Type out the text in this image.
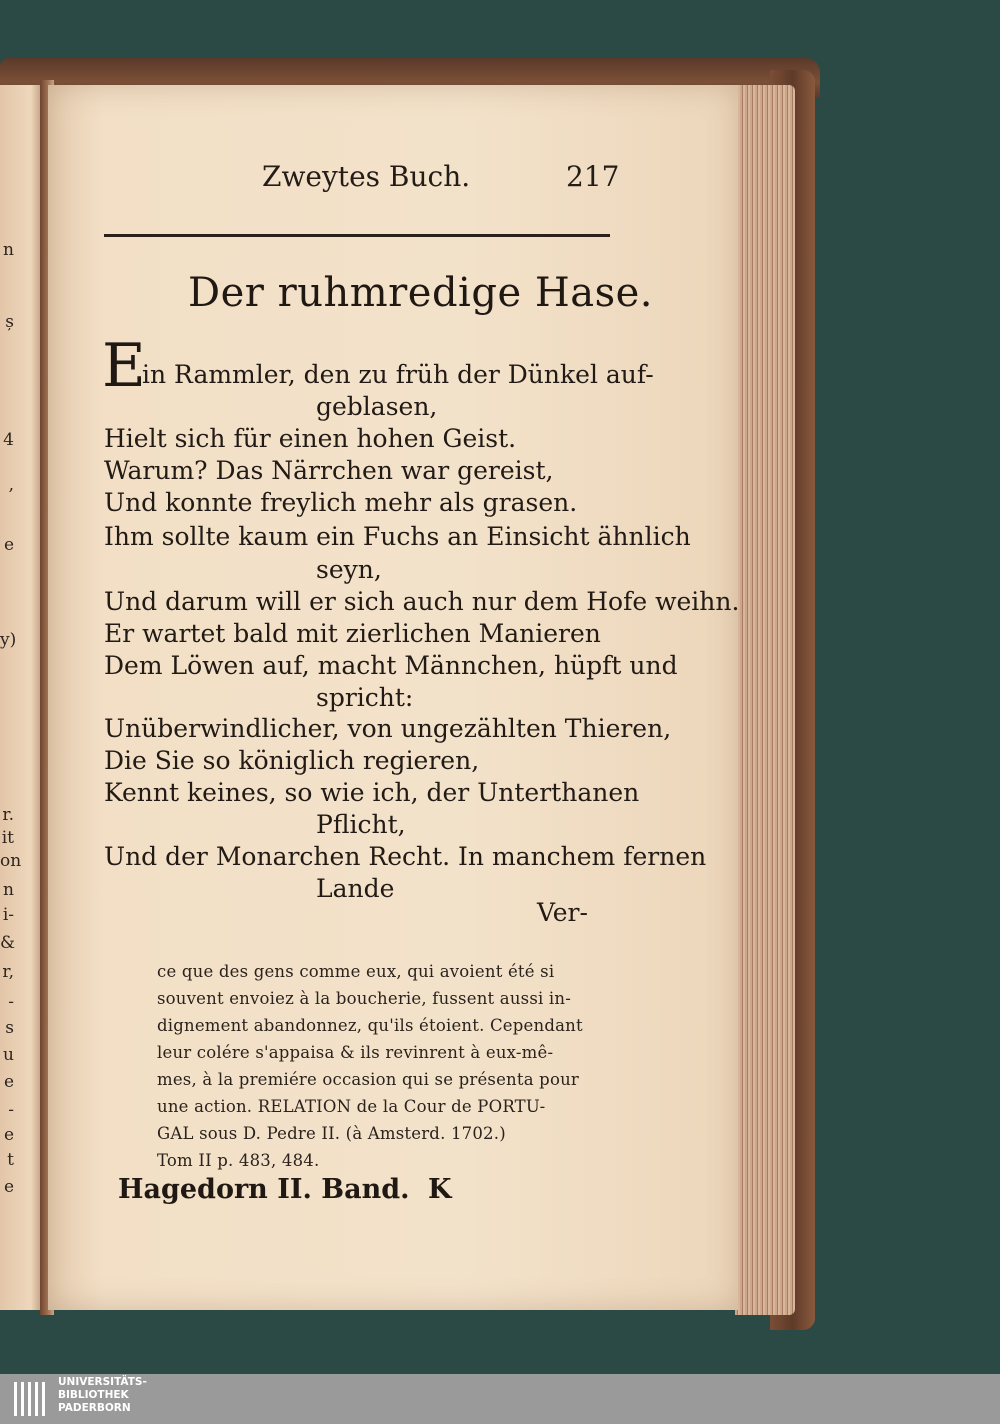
n
ș
4
,
e
y)
r.
it
on
n
i-
&
r,
-
s
u
e
-
e
t
e
Zweytes Buch.	217
Der ruhmredige Hase.
E
in Rammler, den zu früh der Dünkel auf-
geblasen,
Hielt sich für einen hohen Geist.
Warum? Das Närrchen war gereist,
Und konnte freylich mehr als grasen.
Ihm sollte kaum ein Fuchs an Einsicht ähnlich
seyn,
Und darum will er sich auch nur dem Hofe weihn.
Er wartet bald mit zierlichen Manieren
Dem Löwen auf, macht Männchen, hüpft und
spricht:
Unüberwindlicher, von ungezählten Thieren,
Die Sie so königlich regieren,
Kennt keines, so wie ich, der Unterthanen
Pflicht,
Und der Monarchen Recht. In manchem fernen
Lande
Ver-
ce que des gens comme eux, qui avoient été si
souvent envoiez à la boucherie, fussent aussi in-
dignement abandonnez, qu'ils étoient. Cependant
leur colére s'appaisa & ils revinrent à eux-mê-
mes, à la premiére occasion qui se présenta pour
une action. RELATION de la Cour de PORTU-
GAL sous D. Pedre II. (à Amsterd. 1702.)
Tom II p. 483, 484.
Hagedorn II. Band. K
UNIVERSITÄTS-
BIBLIOTHEK
PADERBORN
